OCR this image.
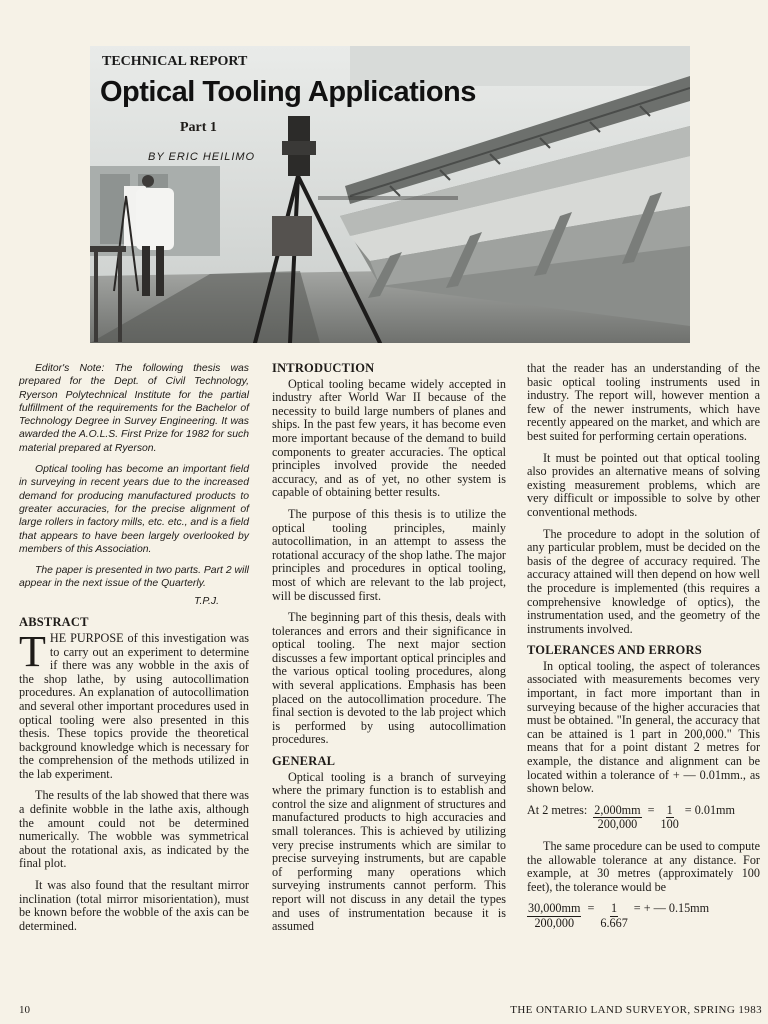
TECHNICAL REPORT
Optical Tooling Applications
Part 1
BY ERIC HEILIMO

Editor's Note: The following thesis was prepared for the Dept. of Civil Technology, Ryerson Polytechnical Institute for the partial fulfillment of the requirements for the Bachelor of Technology Degree in Survey Engineering. It was awarded the A.O.L.S. First Prize for 1982 for such material prepared at Ryerson.

Optical tooling has become an important field in surveying in recent years due to the increased demand for producing manufactured products to greater accuracies, for the precise alignment of large rollers in factory mills, etc. etc., and is a field that appears to have been largely overlooked by members of this Association.

The paper is presented in two parts. Part 2 will appear in the next issue of the Quarterly.

T.P.J.
ABSTRACT

THE PURPOSE of this investigation was to carry out an experiment to determine if there was any wobble in the axis of the shop lathe, by using autocollimation procedures. An explanation of autocollimation and several other important procedures used in optical tooling were also presented in this thesis. These topics provide the theoretical background knowledge which is necessary for the comprehension of the methods utilized in the lab experiment.

The results of the lab showed that there was a definite wobble in the lathe axis, although the amount could not be determined numerically. The wobble was symmetrical about the rotational axis, as indicated by the final plot.

It was also found that the resultant mirror inclination (total mirror misorientation), must be known before the wobble of the axis can be determined.

INTRODUCTION

Optical tooling became widely accepted in industry after World War II because of the necessity to build large numbers of planes and ships. In the past few years, it has become even more important because of the demand to build components to greater accuracies. The optical principles involved provide the needed accuracy, and as of yet, no other system is capable of obtaining better results.

The purpose of this thesis is to utilize the optical tooling principles, mainly autocollimation, in an attempt to assess the rotational accuracy of the shop lathe. The major principles and procedures in optical tooling, most of which are relevant to the lab project, will be discussed first.

The beginning part of this thesis, deals with tolerances and errors and their significance in optical tooling. The next major section discusses a few important optical principles and the various optical tooling procedures, along with several applications. Emphasis has been placed on the autocollimation procedure. The final section is devoted to the lab project which is performed by using autocollimation procedures.

GENERAL

Optical tooling is a branch of surveying where the primary function is to establish and control the size and alignment of structures and manufactured products to high accuracies and small tolerances. This is achieved by utilizing very precise instruments which are similar to precise surveying instruments, but are capable of performing many operations which surveying instruments cannot perform. This report will not discuss in any detail the types and uses of instrumentation because it is assumed

that the reader has an understanding of the basic optical tooling instruments used in industry. The report will, however mention a few of the newer instruments, which have recently appeared on the market, and which are best suited for performing certain operations.

It must be pointed out that optical tooling also provides an alternative means of solving existing measurement problems, which are very difficult or impossible to solve by other conventional methods.

The procedure to adopt in the solution of any particular problem, must be decided on the basis of the degree of accuracy required. The accuracy attained will then depend on how well the procedure is implemented (this requires a comprehensive knowledge of optics), the instrumentation used, and the geometry of the instruments involved.

TOLERANCES AND ERRORS

In optical tooling, the aspect of tolerances associated with measurements becomes very important, in fact more important than in surveying because of the higher accuracies that must be obtained. "In general, the accuracy that can be attained is 1 part in 200,000." This means that for a point distant 2 metres for example, the distance and alignment can be located within a tolerance of + — 0.01mm., as shown below.

At 2 metres: $\frac{2,000mm}{200,000} = \frac{1}{100} = 0.01mm$

The same procedure can be used to compute the allowable tolerance at any distance. For example, at 30 metres (approximately 100 feet), the tolerance would be

$\frac{30,000mm}{200,000} = \frac{1}{6.667}$ = + — 0.15mm
10	THE ONTARIO LAND SURVEYOR, SPRING 1983
